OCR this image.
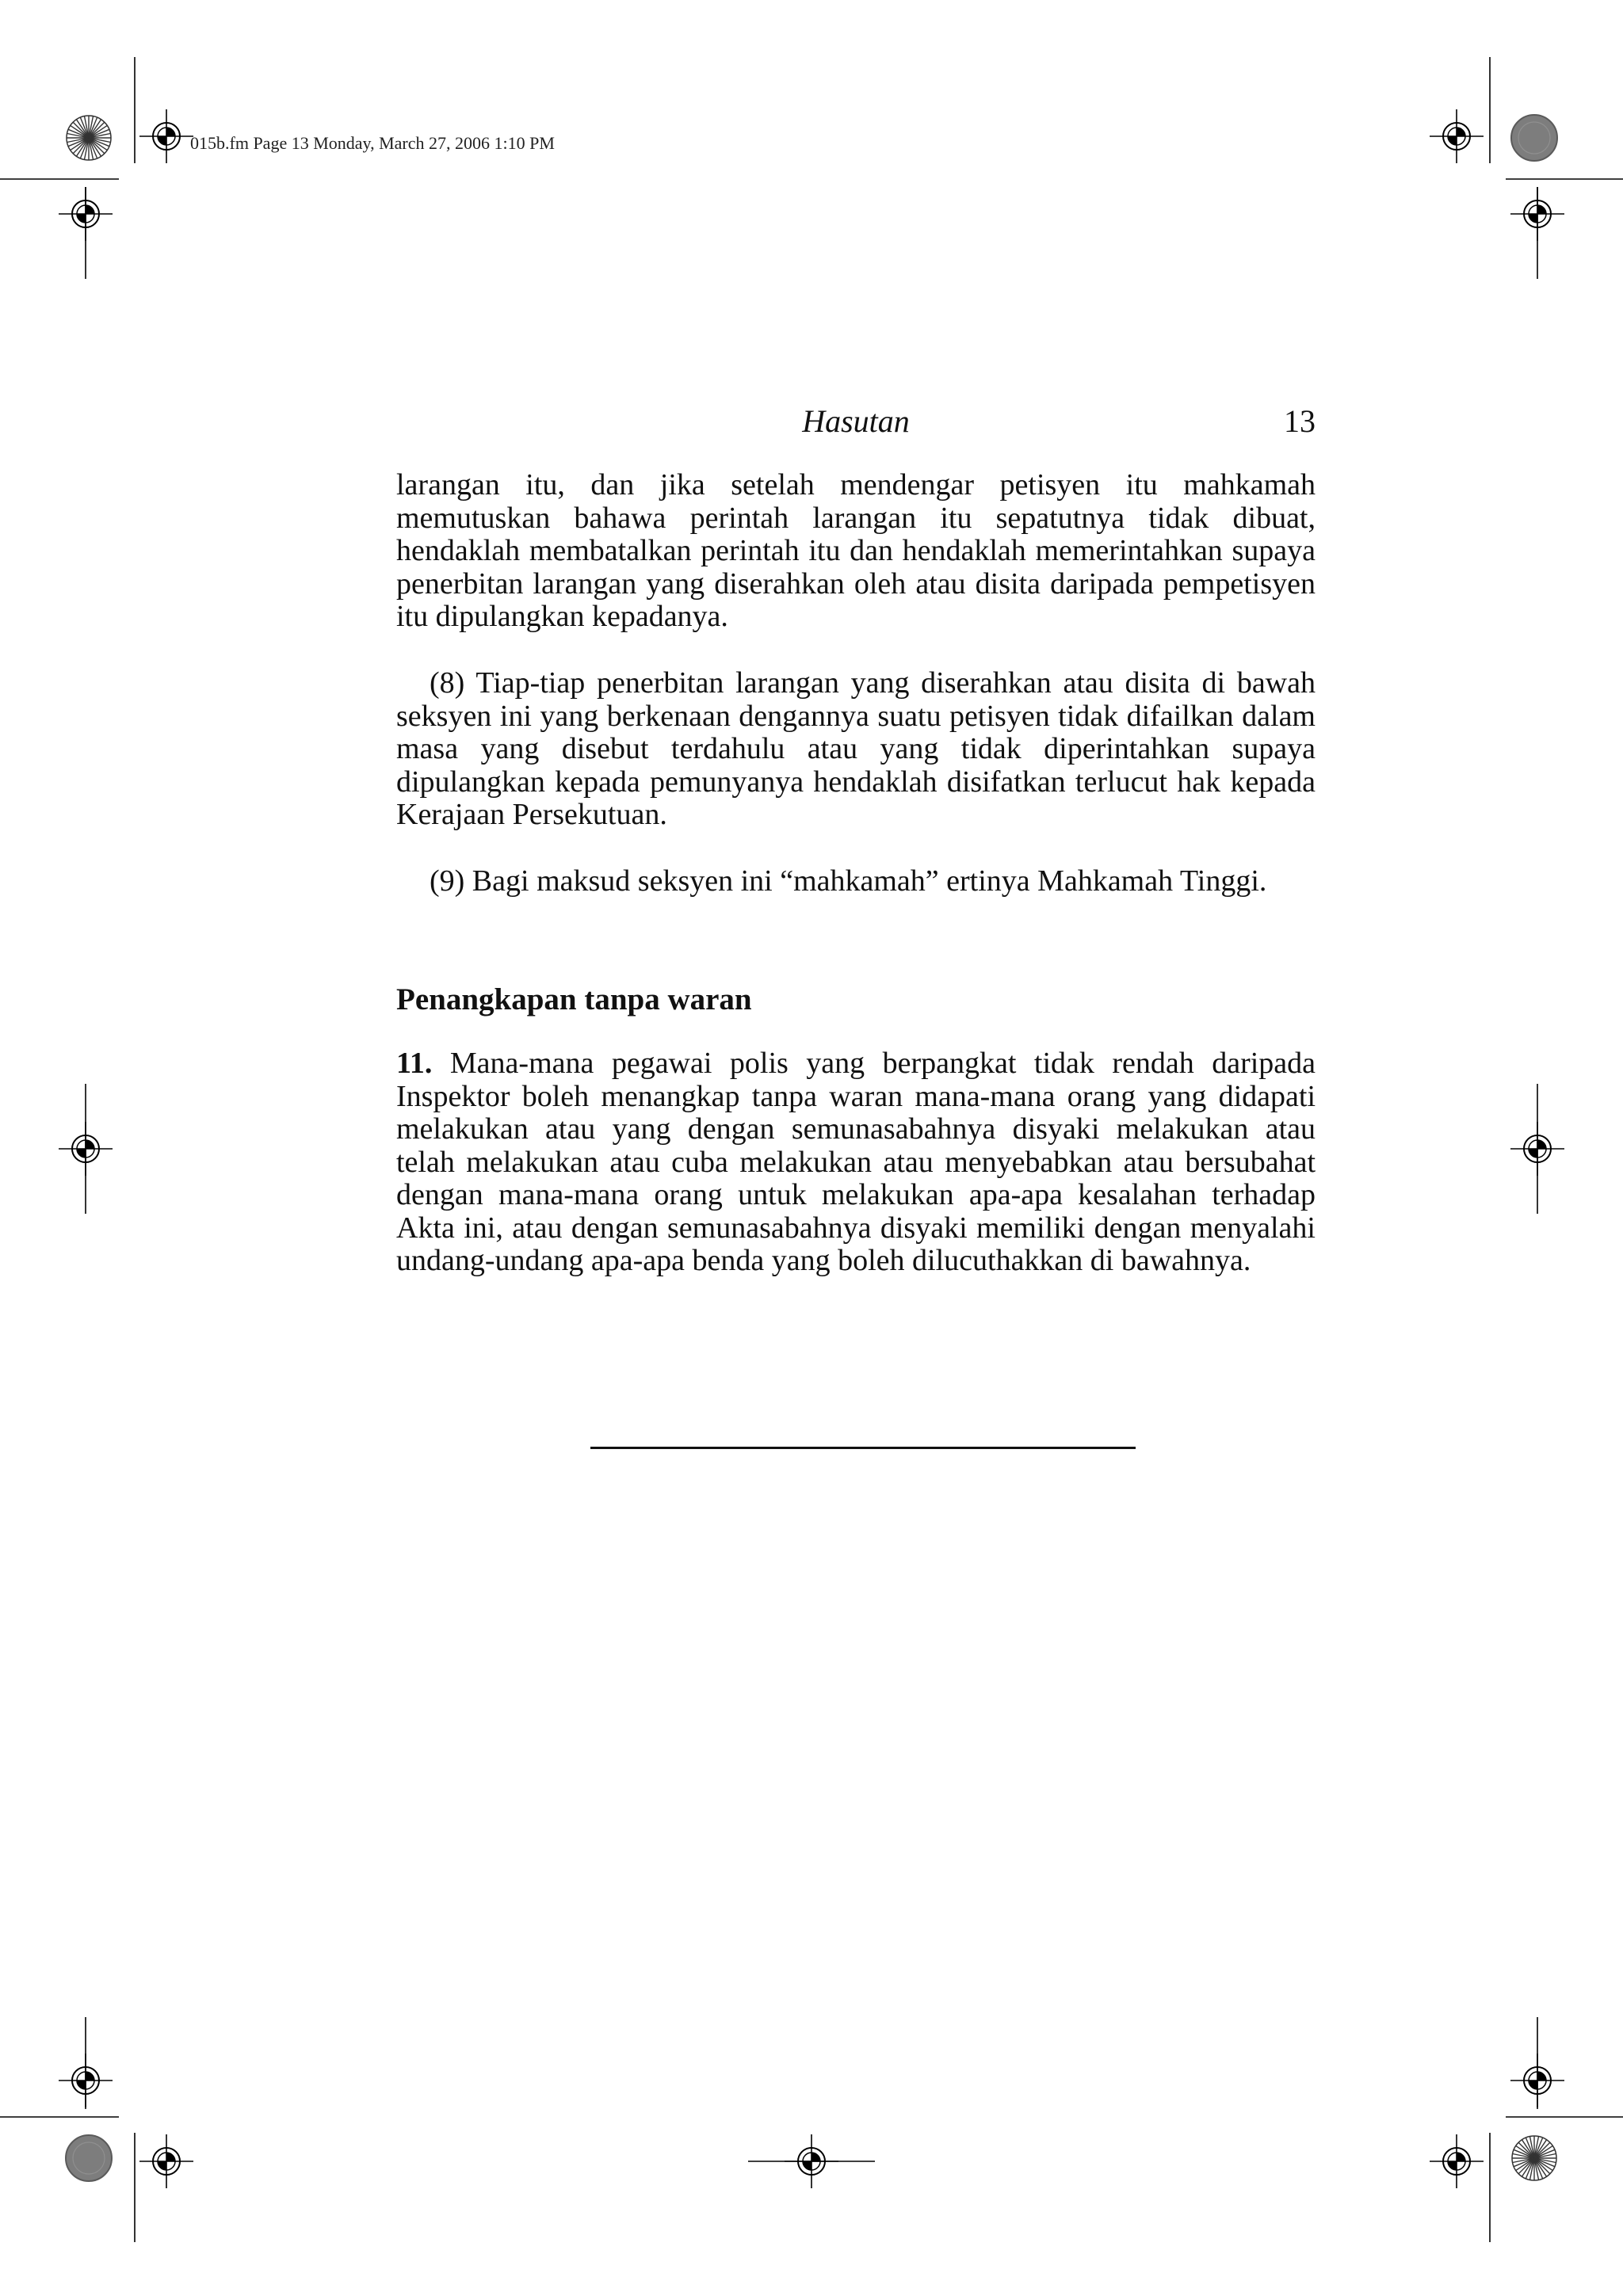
015b.fm Page 13 Monday, March 27, 2006 1:10 PM
Hasutan	13

larangan itu, dan jika setelah mendengar petisyen itu mahkamah memutuskan bahawa perintah larangan itu sepatutnya tidak dibuat, hendaklah membatalkan perintah itu dan hendaklah memerintahkan supaya penerbitan larangan yang diserahkan oleh atau disita daripada pempetisyen itu dipulangkan kepadanya.

(8) Tiap-tiap penerbitan larangan yang diserahkan atau disita di bawah seksyen ini yang berkenaan dengannya suatu petisyen tidak difailkan dalam masa yang disebut terdahulu atau yang tidak diperintahkan supaya dipulangkan kepada pemunyanya hendaklah disifatkan terlucut hak kepada Kerajaan Persekutuan.

(9) Bagi maksud seksyen ini “mahkamah” ertinya Mahkamah Tinggi.

Penangkapan tanpa waran

11. Mana-mana pegawai polis yang berpangkat tidak rendah daripada Inspektor boleh menangkap tanpa waran mana-mana orang yang didapati melakukan atau yang dengan semunasabahnya disyaki melakukan atau telah melakukan atau cuba melakukan atau menyebabkan atau bersubahat dengan mana-mana orang untuk melakukan apa-apa kesalahan terhadap Akta ini, atau dengan semunasabahnya disyaki memiliki dengan menyalahi undang-undang apa-apa benda yang boleh dilucuthakkan di bawahnya.
